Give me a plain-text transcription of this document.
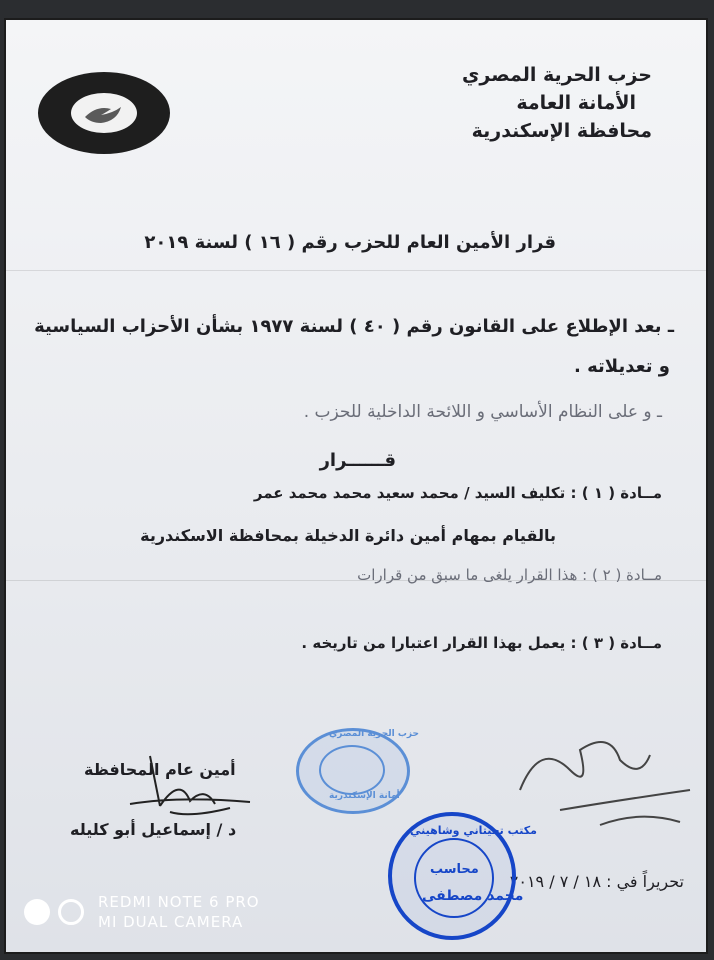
حزب الحرية المصري
الأمانة العامة
محافظة الإسكندرية
قرار الأمين العام للحزب رقم ( ١٦ ) لسنة ٢٠١٩
ـ بعد الإطلاع على القانون رقم ( ٤٠ ) لسنة ١٩٧٧ بشأن الأحزاب السياسية
و تعديلاته .
ـ و على النظام الأساسي و اللائحة الداخلية للحزب .
قــــــرار
مــادة ( ١ ) : تكليف السيد / محمد سعيد محمد محمد عمر
بالقيام بمهام أمين دائرة الدخيلة بمحافظة الاسكندرية
مــادة ( ٢ ) : هذا القرار يلغى ما سبق من قرارات
مــادة ( ٣ ) : يعمل بهذا القرار اعتبارا من تاريخه .
أمين عام المحافظة
د / إسماعيل أبو كليله
حزب الحرية المصري
أمانة الإسكندرية
تحريراً في : ١٨ / ٧ / ٢٠١٩
مكتب تحيتاني وشاهيني
محاسب
محمد مصطفى
REDMI NOTE 6 PRO
MI DUAL CAMERA
